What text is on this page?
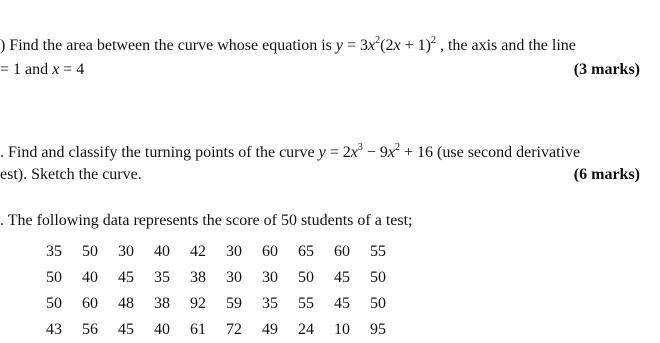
) Find the area between the curve whose equation is $y = 3x^2(2x + 1)^2$ , the axis and the line
= 1 and x = 4	(3 marks)
. Find and classify the turning points of the curve $y = 2x^3 - 9x^2 + 16$ (use second derivative
est). Sketch the curve.	(6 marks)
. The following data represents the score of 50 students of a test;
35	50	30	40	42	30	60	65	60	55
50	40	45	35	38	30	30	50	45	50
50	60	48	38	92	59	35	55	45	50
43	56	45	40	61	72	49	24	10	95
